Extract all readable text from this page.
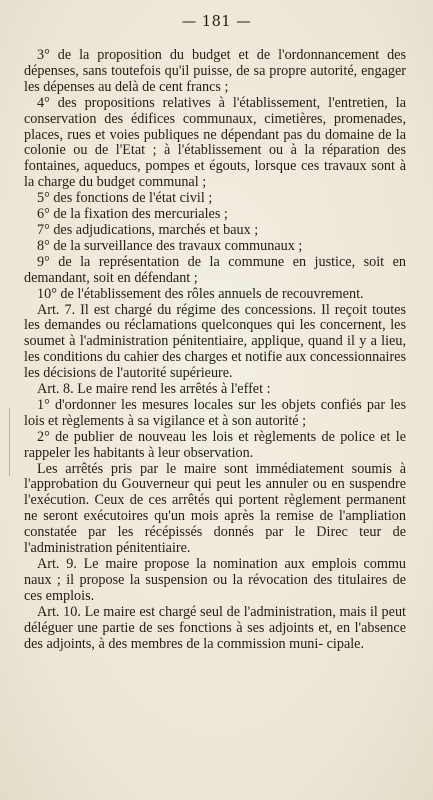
— 181 —

3° de la proposition du budget et de l'ordonnancement des dépenses, sans toutefois qu'il puisse, de sa propre autorité, engager les dépenses au delà de cent francs ;

4° des propositions relatives à l'établissement, l'entretien, la conservation des édifices communaux, cimetières, promenades, places, rues et voies publiques ne dépendant pas du domaine de la colonie ou de l'Etat ; à l'établissement ou à la réparation des fontaines, aqueducs, pompes et égouts, lorsque ces travaux sont à la charge du budget communal ;

5° des fonctions de l'état civil ;

6° de la fixation des mercuriales ;

7° des adjudications, marchés et baux ;

8° de la surveillance des travaux communaux ;

9° de la représentation de la commune en justice, soit en demandant, soit en défendant ;

10° de l'établissement des rôles annuels de recouvrement.

Art. 7. Il est chargé du régime des concessions. Il reçoit toutes les demandes ou réclamations quelconques qui les concernent, les soumet à l'administration pénitentiaire, applique, quand il y a lieu, les conditions du cahier des charges et notifie aux concessionnaires les décisions de l'autorité supérieure.

Art. 8. Le maire rend les arrêtés à l'effet :

1° d'ordonner les mesures locales sur les objets confiés par les lois et règlements à sa vigilance et à son autorité ;

2° de publier de nouveau les lois et règlements de police et le rappeler les habitants à leur observation.

Les arrêtés pris par le maire sont immédiatement soumis à l'approbation du Gouverneur qui peut les annuler ou en suspendre l'exécution. Ceux de ces arrêtés qui portent règlement permanent ne seront exécutoires qu'un mois après la remise de l'ampliation constatée par les récépissés donnés par le Direc teur de l'administration pénitentiaire.

Art. 9. Le maire propose la nomination aux emplois commu naux ; il propose la suspension ou la révocation des titulaires de ces emplois.

Art. 10. Le maire est chargé seul de l'administration, mais il peut déléguer une partie de ses fonctions à ses adjoints et, en l'absence des adjoints, à des membres de la commission muni- cipale.
